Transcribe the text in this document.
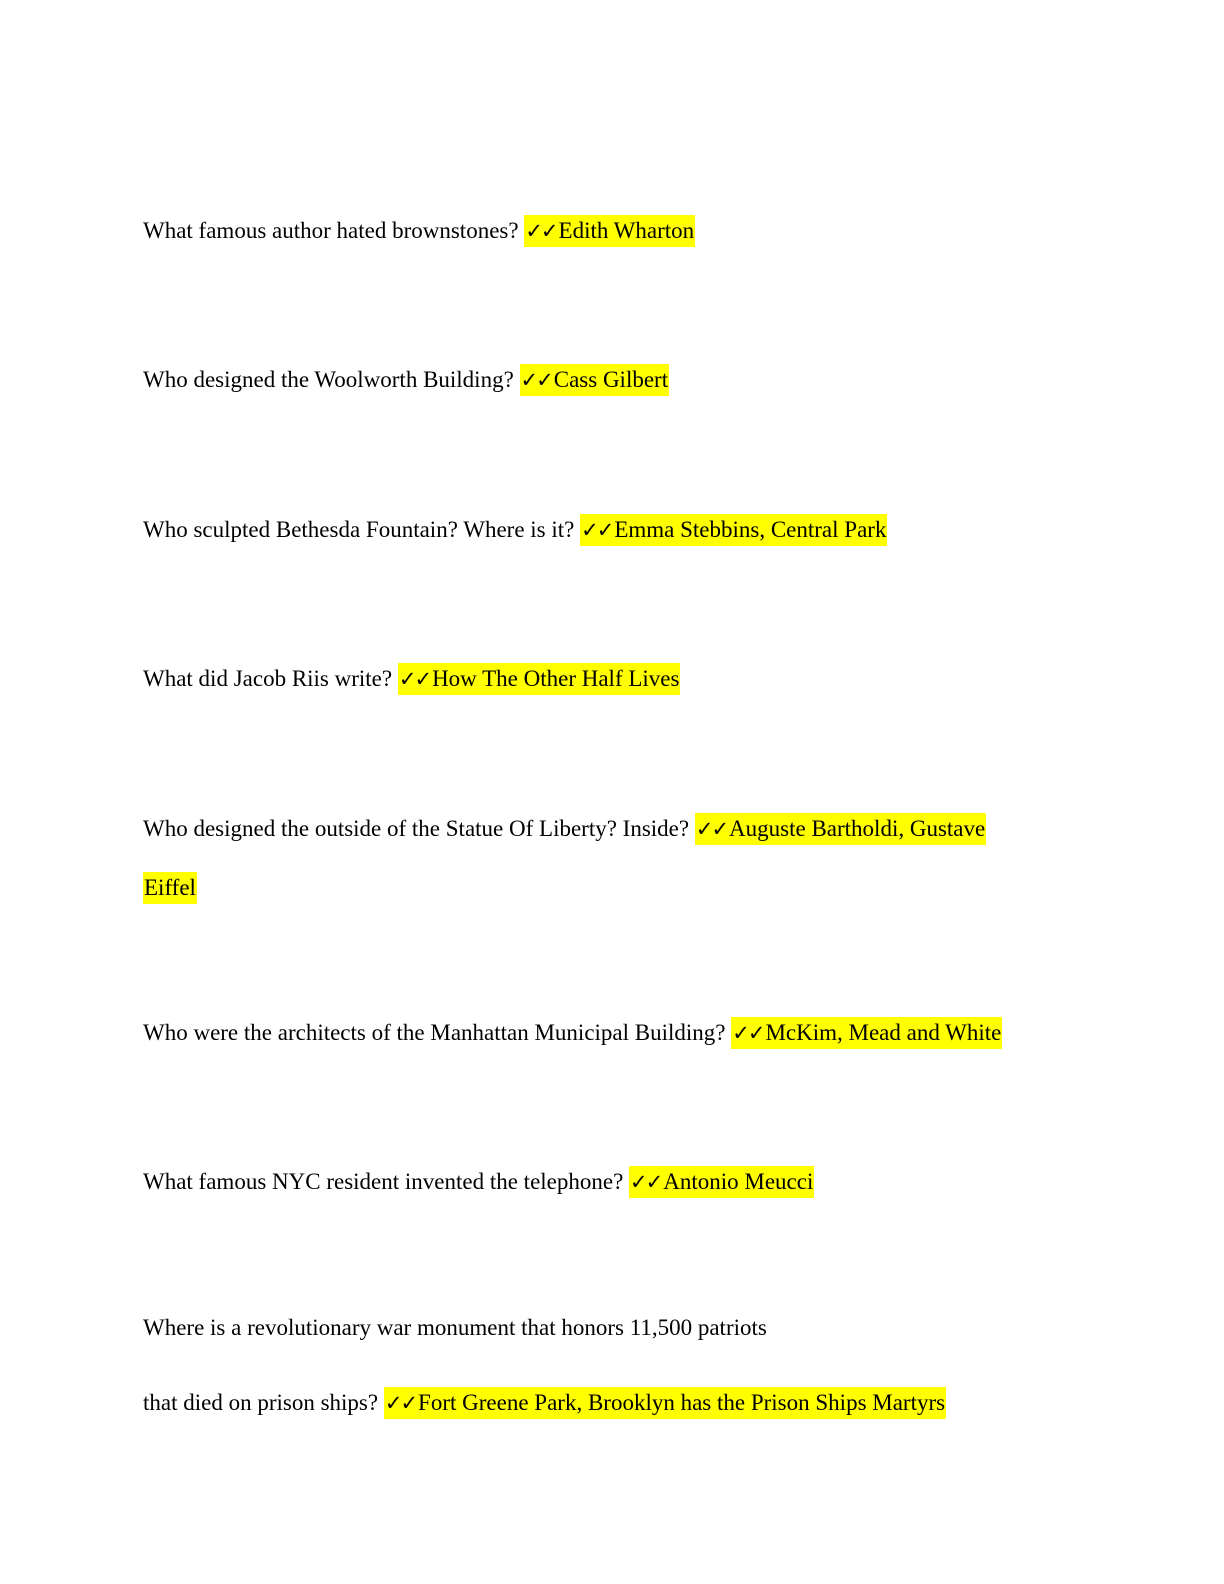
What famous author hated brownstones? ✓✓Edith Wharton
Who designed the Woolworth Building? ✓✓Cass Gilbert
Who sculpted Bethesda Fountain? Where is it? ✓✓Emma Stebbins, Central Park
What did Jacob Riis write? ✓✓How The Other Half Lives
Who designed the outside of the Statue Of Liberty? Inside? ✓✓Auguste Bartholdi, Gustave
Eiffel
Who were the architects of the Manhattan Municipal Building? ✓✓McKim, Mead and White
What famous NYC resident invented the telephone? ✓✓Antonio Meucci
Where is a revolutionary war monument that honors 11,500 patriots
that died on prison ships? ✓✓Fort Greene Park, Brooklyn has the Prison Ships Martyrs
